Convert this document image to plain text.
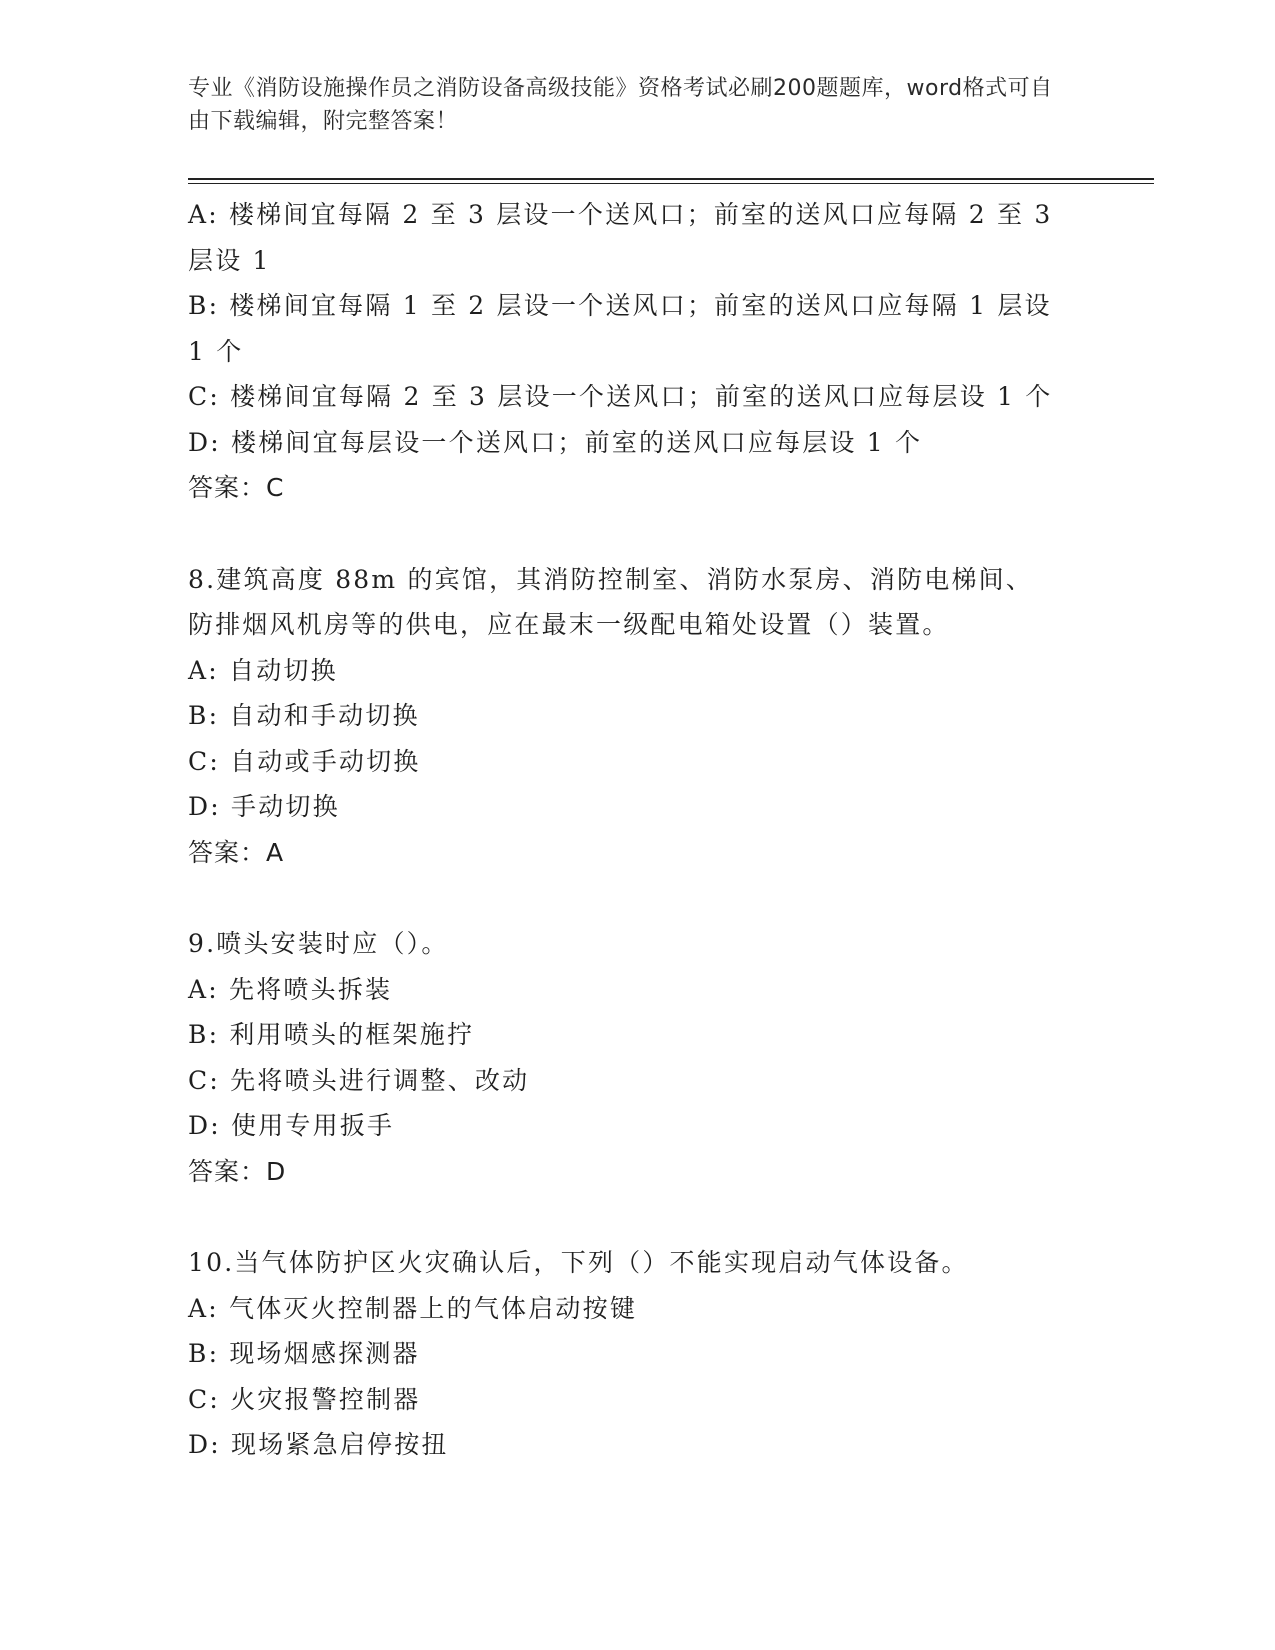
专业《消防设施操作员之消防设备高级技能》资格考试必刷200题题库，word格式可自由下载编辑，附完整答案！
A: 楼梯间宜每隔 2 至 3 层设一个送风口；前室的送风口应每隔 2 至 3
层设 1
B: 楼梯间宜每隔 1 至 2 层设一个送风口；前室的送风口应每隔 1 层设
1 个
C: 楼梯间宜每隔 2 至 3 层设一个送风口；前室的送风口应每层设 1 个
D: 楼梯间宜每层设一个送风口；前室的送风口应每层设 1 个
答案：C
8.建筑高度 88m 的宾馆，其消防控制室、消防水泵房、消防电梯间、
防排烟风机房等的供电，应在最末一级配电箱处设置（）装置。
A: 自动切换
B: 自动和手动切换
C: 自动或手动切换
D: 手动切换
答案：A
9.喷头安装时应（）。
A: 先将喷头拆装
B: 利用喷头的框架施拧
C: 先将喷头进行调整、改动
D: 使用专用扳手
答案：D
10.当气体防护区火灾确认后，下列（）不能实现启动气体设备。
A: 气体灭火控制器上的气体启动按键
B: 现场烟感探测器
C: 火灾报警控制器
D: 现场紧急启停按扭
